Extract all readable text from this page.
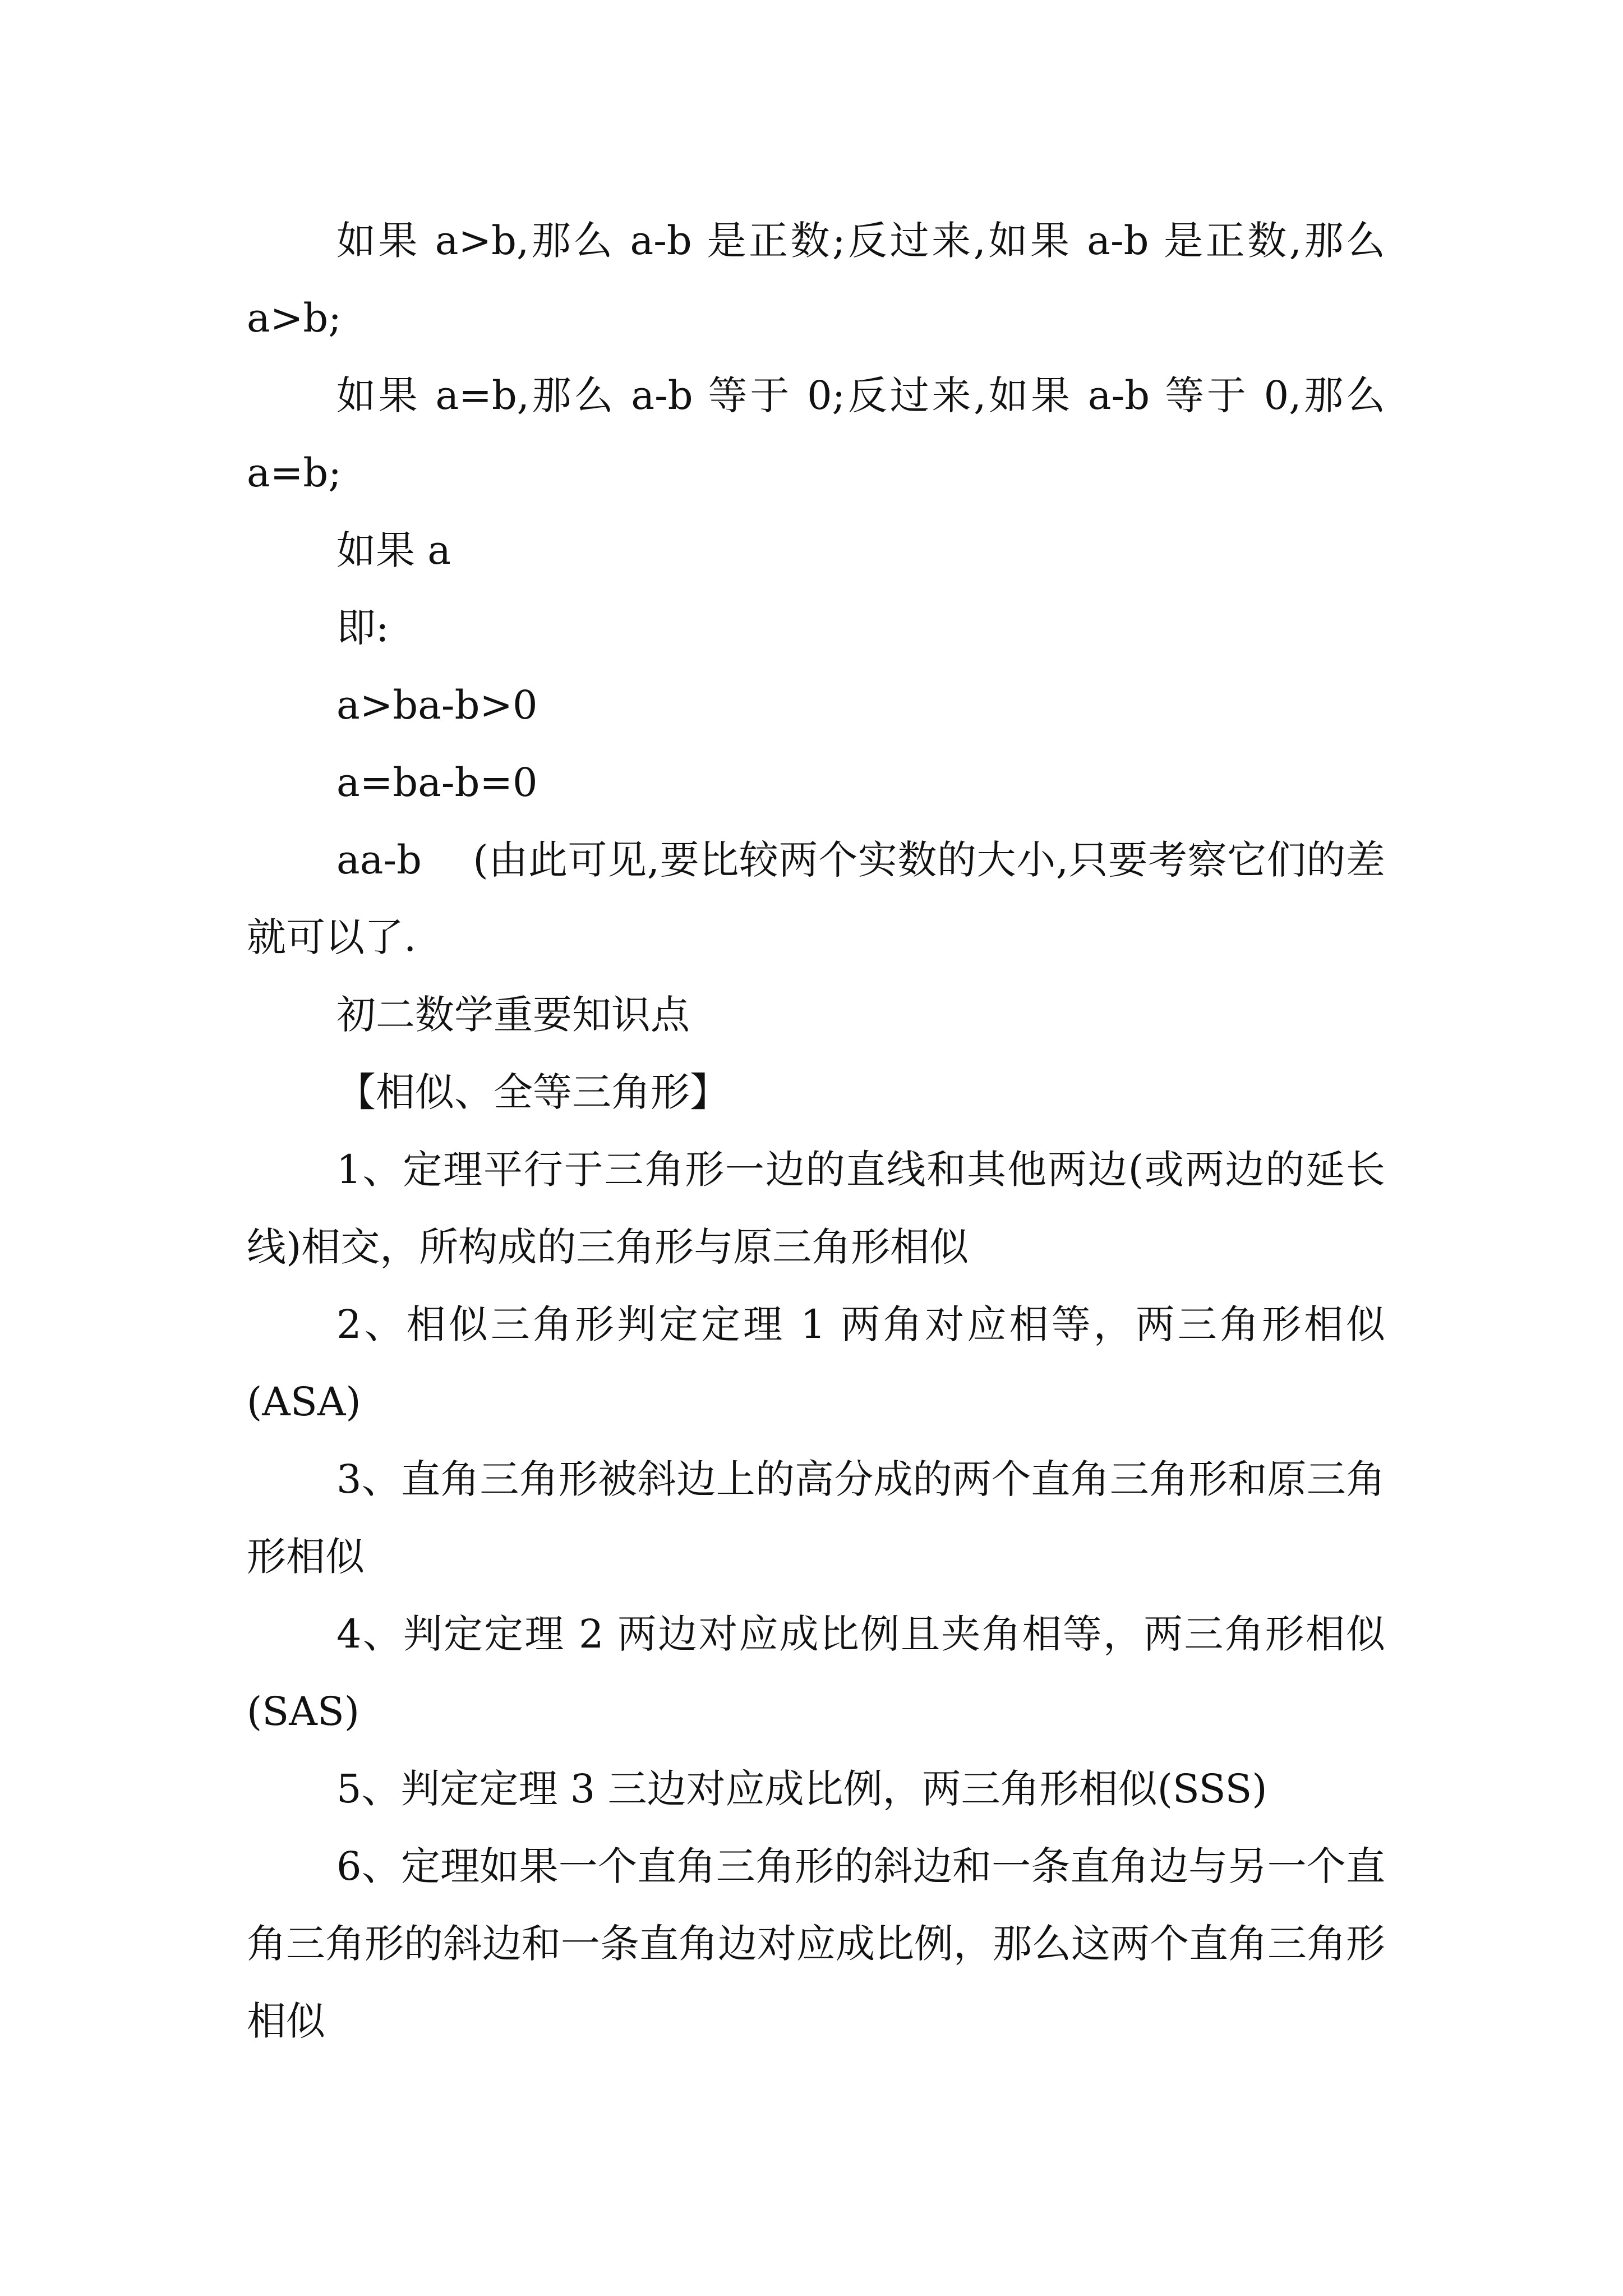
如果 a>b,那么 a-b 是正数;反过来,如果 a-b 是正数,那么 a>b;

如果 a=b,那么 a-b 等于 0;反过来,如果 a-b 等于 0,那么 a=b;

如果 a

即:

a>ba-b>0

a=ba-b=0

aa-b    (由此可见,要比较两个实数的大小,只要考察它们的差就可以了.

初二数学重要知识点

【相似、全等三角形】

1、定理平行于三角形一边的直线和其他两边(或两边的延长线)相交，所构成的三角形与原三角形相似

2、相似三角形判定定理 1 两角对应相等，两三角形相似(ASA)

3、直角三角形被斜边上的高分成的两个直角三角形和原三角形相似

4、判定定理 2 两边对应成比例且夹角相等，两三角形相似(SAS)

5、判定定理 3 三边对应成比例，两三角形相似(SSS)

6、定理如果一个直角三角形的斜边和一条直角边与另一个直角三角形的斜边和一条直角边对应成比例，那么这两个直角三角形相似
